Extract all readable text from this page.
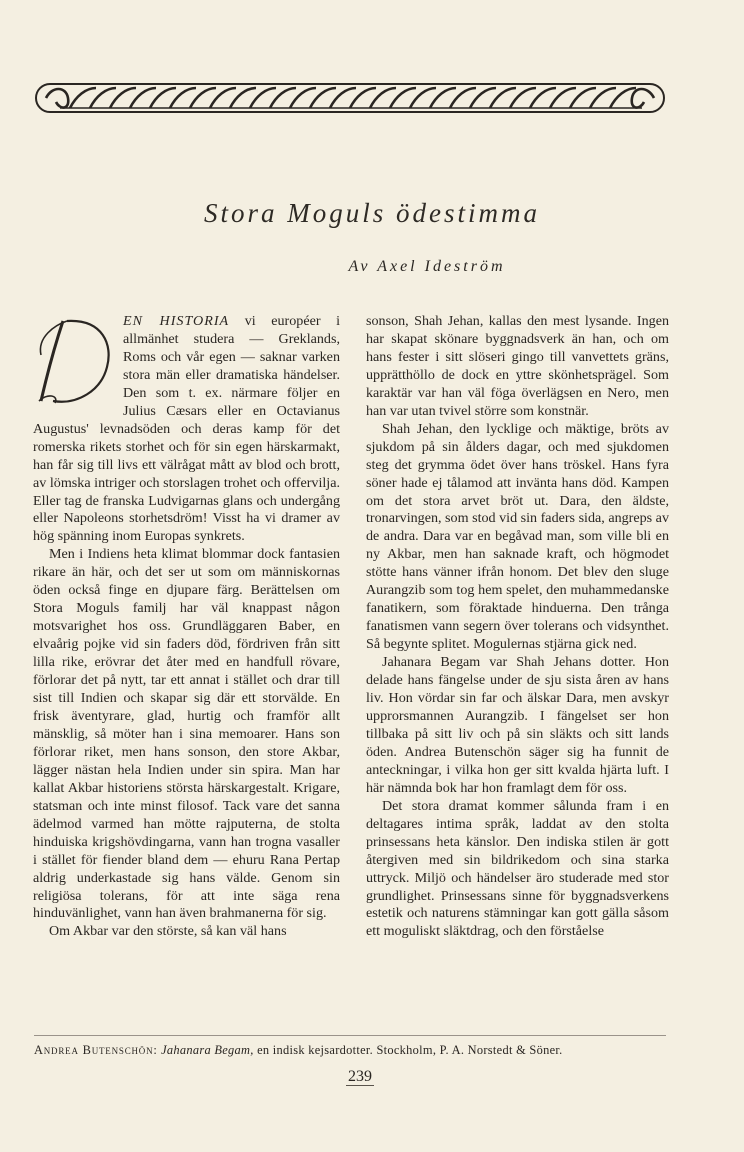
Stora Moguls ödestimma
Av Axel Ideström

EN HISTORIA vi européer i allmänhet studera — Greklands, Roms och vår egen — saknar varken stora män eller dramatiska händelser. Den som t. ex. närmare följer en Julius Cæsars eller en Octavianus Augustus' levnadsöden och deras kamp för det romerska rikets storhet och för sin egen härskarmakt, han får sig till livs ett välrågat mått av blod och brott, av lömska intriger och storslagen trohet och offervilja. Eller tag de franska Ludvigarnas glans och undergång eller Napoleons storhetsdröm! Visst ha vi dramer av hög spänning inom Europas synkrets.

Men i Indiens heta klimat blommar dock fantasien rikare än här, och det ser ut som om människornas öden också finge en djupare färg. Berättelsen om Stora Moguls familj har väl knappast någon motsvarighet hos oss. Grundläggaren Baber, en elvaårig pojke vid sin faders död, fördriven från sitt lilla rike, erövrar det åter med en handfull rövare, förlorar det på nytt, tar ett annat i stället och drar till sist till Indien och skapar sig där ett storvälde. En frisk äventyrare, glad, hurtig och framför allt mänsklig, så möter han i sina memoarer. Hans son förlorar riket, men hans sonson, den store Akbar, lägger nästan hela Indien under sin spira. Man har kallat Akbar historiens största härskargestalt. Krigare, statsman och inte minst filosof. Tack vare det sanna ädelmod varmed han mötte rajputerna, de stolta hinduiska krigshövdingarna, vann han trogna vasaller i stället för fiender bland dem — ehuru Rana Pertap aldrig underkastade sig hans välde. Genom sin religiösa tolerans, för att inte säga rena hinduvänlighet, vann han även brahmanerna för sig.

Om Akbar var den störste, så kan väl hans

sonson, Shah Jehan, kallas den mest lysande. Ingen har skapat skönare byggnadsverk än han, och om hans fester i sitt slöseri gingo till vanvettets gräns, upprätthöllo de dock en yttre skönhetsprägel. Som karaktär var han väl föga överlägsen en Nero, men han var utan tvivel större som konstnär.

Shah Jehan, den lycklige och mäktige, bröts av sjukdom på sin ålders dagar, och med sjukdomen steg det grymma ödet över hans tröskel. Hans fyra söner hade ej tålamod att invänta hans död. Kampen om det stora arvet bröt ut. Dara, den äldste, tronarvingen, som stod vid sin faders sida, angreps av de andra. Dara var en begåvad man, som ville bli en ny Akbar, men han saknade kraft, och högmodet stötte hans vänner ifrån honom. Det blev den sluge Aurangzib som tog hem spelet, den muhammedanske fanatikern, som föraktade hinduerna. Den trånga fanatismen vann segern över tolerans och vidsynthet. Så begynte splitet. Mogulernas stjärna gick ned.

Jahanara Begam var Shah Jehans dotter. Hon delade hans fängelse under de sju sista åren av hans liv. Hon vördar sin far och älskar Dara, men avskyr upprorsmannen Aurangzib. I fängelset ser hon tillbaka på sitt liv och på sin släkts och sitt lands öden. Andrea Butenschön säger sig ha funnit de anteckningar, i vilka hon ger sitt kvalda hjärta luft. I här nämnda bok har hon framlagt dem för oss.

Det stora dramat kommer sålunda fram i en deltagares intima språk, laddat av den stolta prinsessans heta känslor. Den indiska stilen är gott återgiven med sin bildrikedom och sina starka uttryck. Miljö och händelser äro studerade med stor grundlighet. Prinsessans sinne för byggnadsverkens estetik och naturens stämningar kan gott gälla såsom ett moguliskt släktdrag, och den förståelse

Andrea Butenschön: Jahanara Begam, en indisk kejsardotter. Stockholm, P. A. Norstedt & Söner.
239
